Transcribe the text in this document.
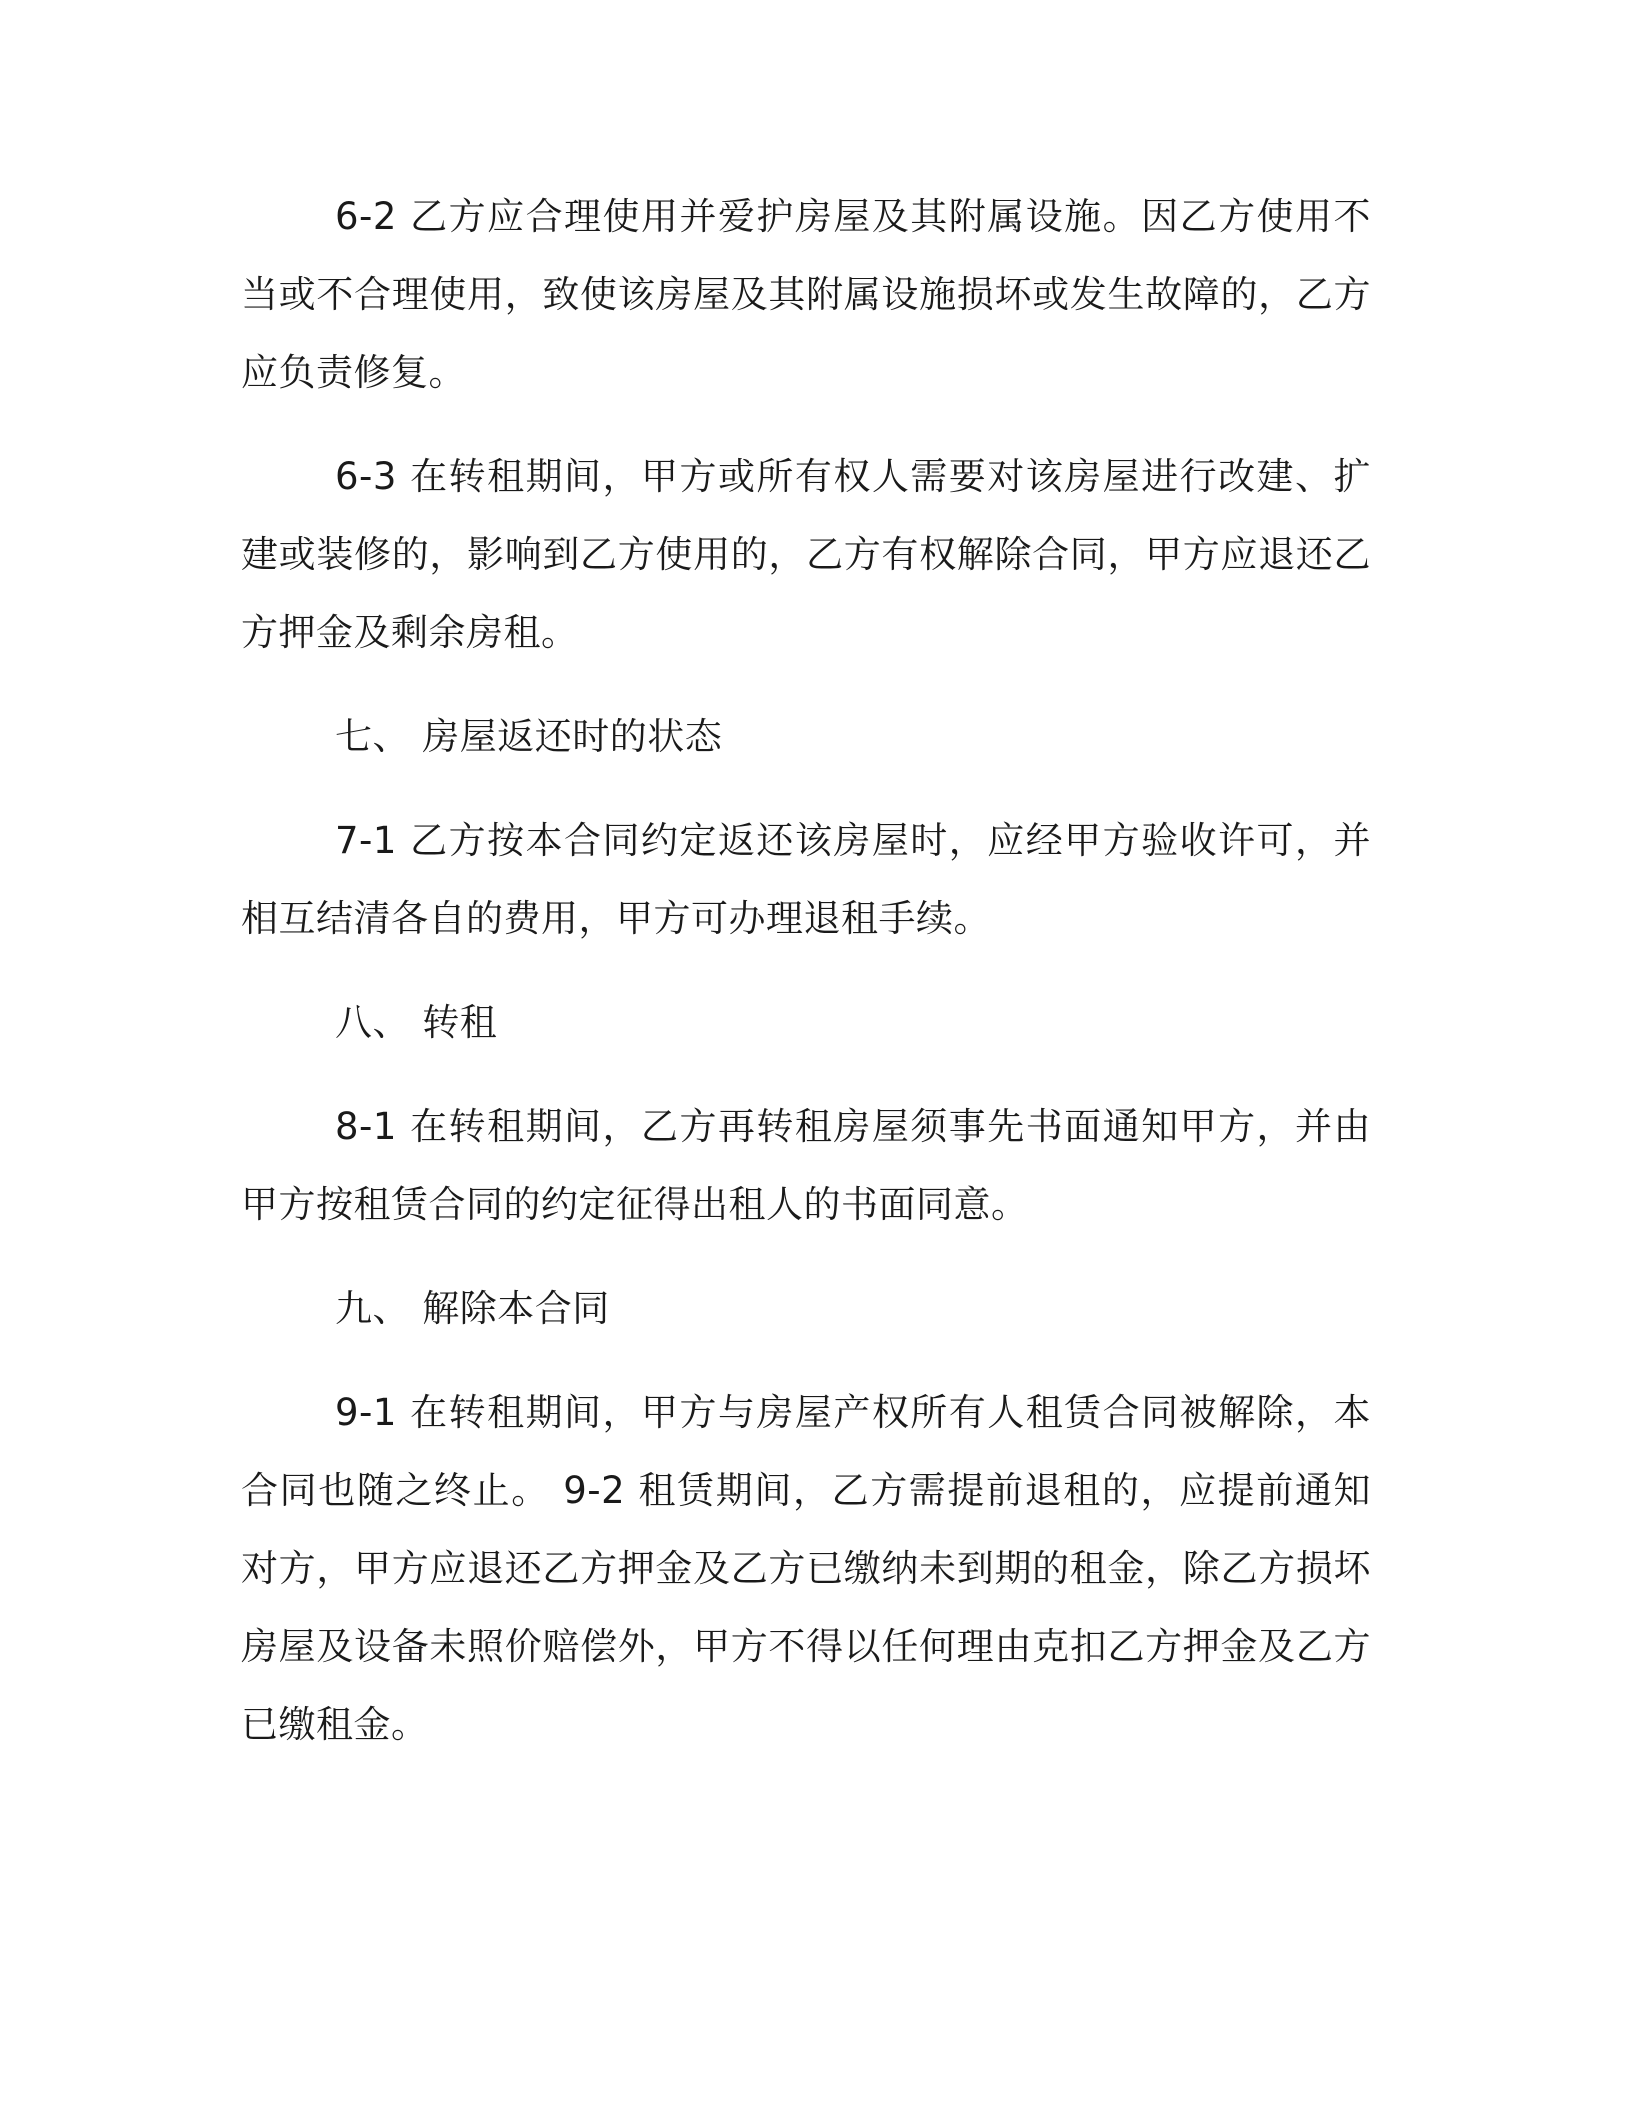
6-2 乙方应合理使用并爱护房屋及其附属设施。因乙方使用不当或不合理使用，致使该房屋及其附属设施损坏或发生故障的，乙方应负责修复。

6-3 在转租期间，甲方或所有权人需要对该房屋进行改建、扩建或装修的，影响到乙方使用的，乙方有权解除合同，甲方应退还乙方押金及剩余房租。

七、 房屋返还时的状态

7-1 乙方按本合同约定返还该房屋时，应经甲方验收许可，并相互结清各自的费用，甲方可办理退租手续。

八、 转租

8-1 在转租期间，乙方再转租房屋须事先书面通知甲方，并由甲方按租赁合同的约定征得出租人的书面同意。

九、 解除本合同

9-1 在转租期间，甲方与房屋产权所有人租赁合同被解除，本合同也随之终止。 9-2 租赁期间，乙方需提前退租的，应提前通知对方，甲方应退还乙方押金及乙方已缴纳未到期的租金，除乙方损坏房屋及设备未照价赔偿外，甲方不得以任何理由克扣乙方押金及乙方已缴租金。
